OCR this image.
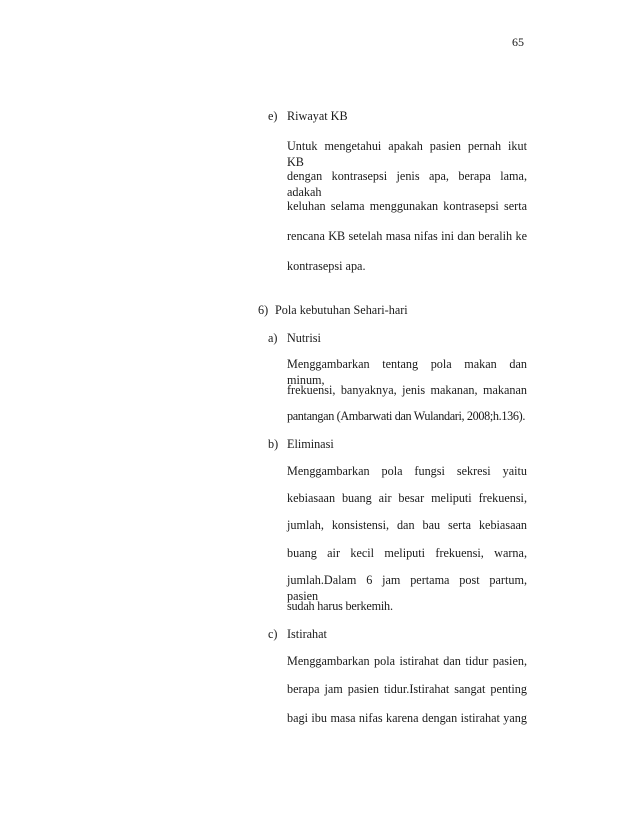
65
e) Riwayat KB
Untuk mengetahui apakah pasien pernah ikut KB
dengan kontrasepsi jenis apa, berapa lama, adakah
keluhan selama menggunakan kontrasepsi serta
rencana KB setelah masa nifas ini dan beralih ke
kontrasepsi apa.
6) Pola kebutuhan Sehari-hari
a) Nutrisi
Menggambarkan tentang pola makan dan minum,
frekuensi, banyaknya, jenis makanan, makanan
pantangan (Ambarwati dan Wulandari, 2008;h.136).
b) Eliminasi
Menggambarkan pola fungsi sekresi yaitu
kebiasaan buang air besar meliputi frekuensi,
jumlah, konsistensi, dan bau serta kebiasaan
buang air kecil meliputi frekuensi, warna,
jumlah.Dalam 6 jam pertama post partum, pasien
sudah harus berkemih.
c) Istirahat
Menggambarkan pola istirahat dan tidur pasien,
berapa jam pasien tidur.Istirahat sangat penting
bagi ibu masa nifas karena dengan istirahat yang
